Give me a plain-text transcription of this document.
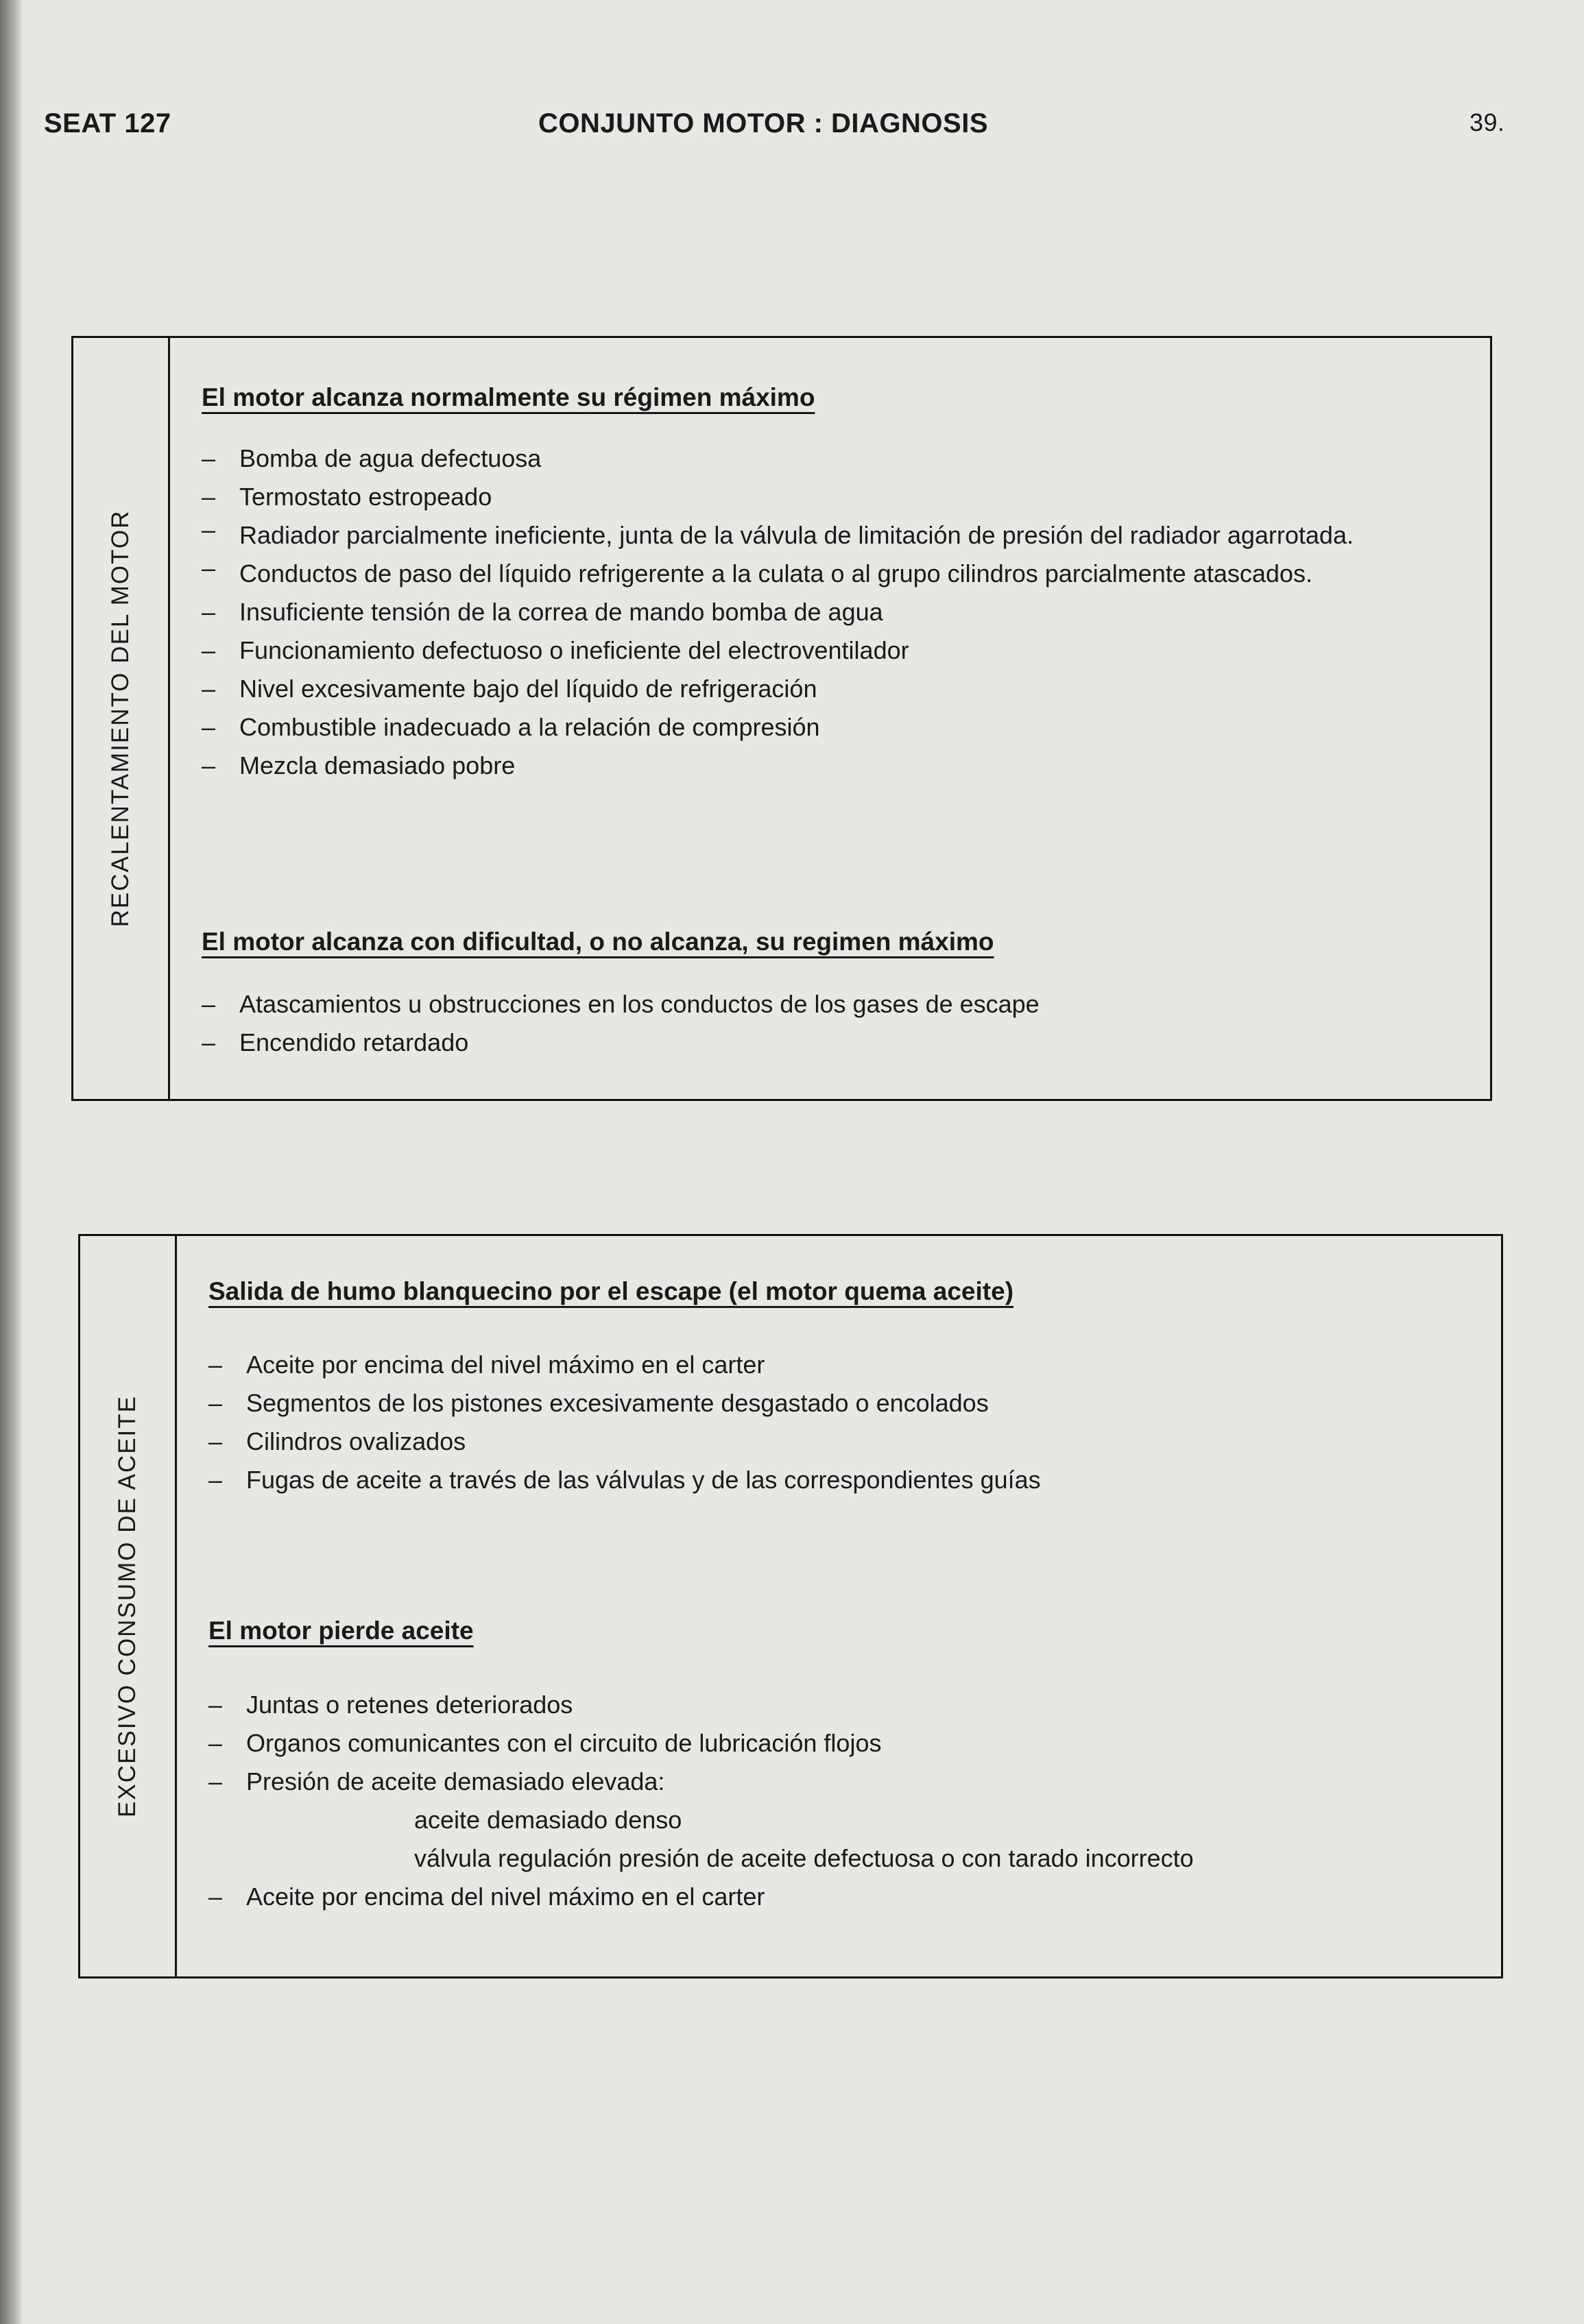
SEAT 127	CONJUNTO MOTOR : DIAGNOSIS	39.
RECALENTAMIENTO DEL MOTOR
El motor alcanza normalmente su régimen máximo
– Bomba de agua defectuosa
– Termostato estropeado
– Radiador parcialmente ineficiente, junta de la válvula de limitación de presión del radiador agarrotada.
– Conductos de paso del líquido refrigerente a la culata o al grupo cilindros parcialmente atascados.
– Insuficiente tensión de la correa de mando bomba de agua
– Funcionamiento defectuoso o ineficiente del electroventilador
– Nivel excesivamente bajo del líquido de refrigeración
– Combustible inadecuado a la relación de compresión
– Mezcla demasiado pobre
El motor alcanza con dificultad, o no alcanza, su regimen máximo
– Atascamientos u obstrucciones en los conductos de los gases de escape
– Encendido retardado
EXCESIVO CONSUMO DE ACEITE
Salida de humo blanquecino por el escape (el motor quema aceite)
– Aceite por encima del nivel máximo en el carter
– Segmentos de los pistones excesivamente desgastado o encolados
– Cilindros ovalizados
– Fugas de aceite a través de las válvulas y de las correspondientes guías
El motor pierde aceite
– Juntas o retenes deteriorados
– Organos comunicantes con el circuito de lubricación flojos
– Presión de aceite demasiado elevada:
aceite demasiado denso
válvula regulación presión de aceite defectuosa o con tarado incorrecto
– Aceite por encima del nivel máximo en el carter
